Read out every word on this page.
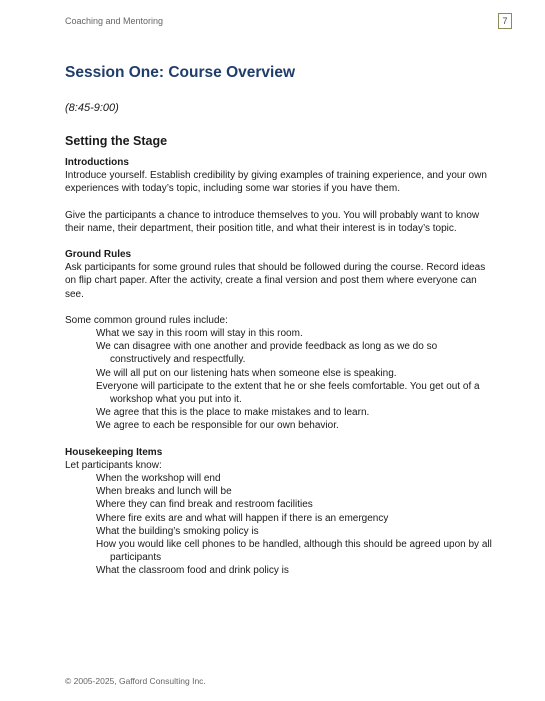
Coaching and Mentoring	7
Session One: Course Overview
(8:45-9:00)
Setting the Stage

Introductions

Introduce yourself. Establish credibility by giving examples of training experience, and your own experiences with today’s topic, including some war stories if you have them.

Give the participants a chance to introduce themselves to you. You will probably want to know their name, their department, their position title, and what their interest is in today’s topic.

Ground Rules

Ask participants for some ground rules that should be followed during the course. Record ideas on flip chart paper. After the activity, create a final version and post them where everyone can see.

Some common ground rules include:

What we say in this room will stay in this room.
We can disagree with one another and provide feedback as long as we do so constructively and respectfully.
We will all put on our listening hats when someone else is speaking.
Everyone will participate to the extent that he or she feels comfortable. You get out of a workshop what you put into it.
We agree that this is the place to make mistakes and to learn.
We agree to each be responsible for our own behavior.

Housekeeping Items

Let participants know:

When the workshop will end
When breaks and lunch will be
Where they can find break and restroom facilities
Where fire exits are and what will happen if there is an emergency
What the building’s smoking policy is
How you would like cell phones to be handled, although this should be agreed upon by all participants
What the classroom food and drink policy is
© 2005-2025, Gafford Consulting Inc.
